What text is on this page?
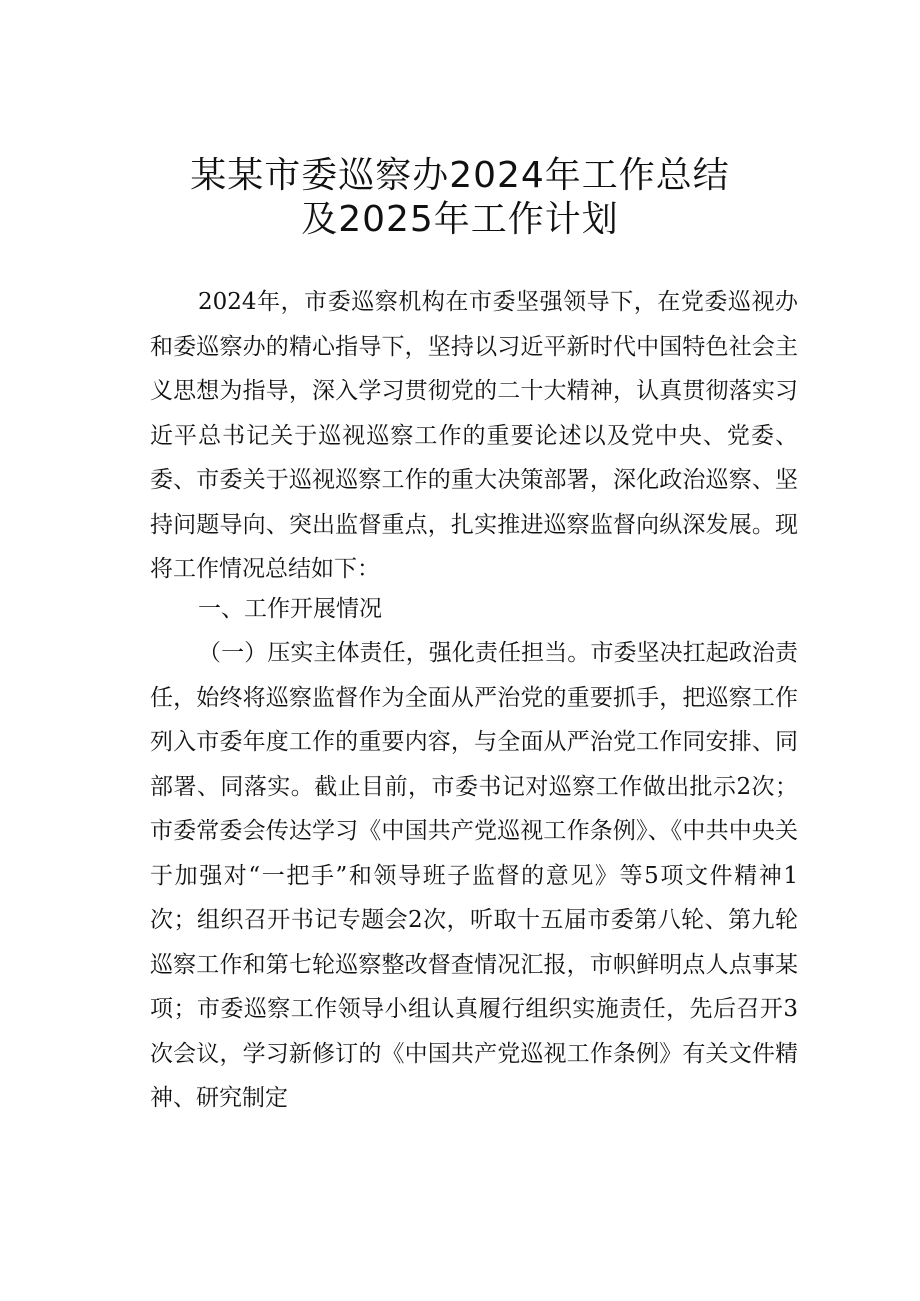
某某市委巡察办2024年工作总结
及2025年工作计划

2024年，市委巡察机构在市委坚强领导下，在党委巡视办和委巡察办的精心指导下，坚持以习近平新时代中国特色社会主义思想为指导，深入学习贯彻党的二十大精神，认真贯彻落实习近平总书记关于巡视巡察工作的重要论述以及党中央、党委、委、市委关于巡视巡察工作的重大决策部署，深化政治巡察、坚持问题导向、突出监督重点，扎实推进巡察监督向纵深发展。现将工作情况总结如下：

一、工作开展情况

（一）压实主体责任，强化责任担当。市委坚决扛起政治责任，始终将巡察监督作为全面从严治党的重要抓手，把巡察工作列入市委年度工作的重要内容，与全面从严治党工作同安排、同部署、同落实。截止目前，市委书记对巡察工作做出批示2次；市委常委会传达学习《中国共产党巡视工作条例》、《中共中央关于加强对“一把手”和领导班子监督的意见》等5项文件精神1次；组织召开书记专题会2次，听取十五届市委第八轮、第九轮巡察工作和第七轮巡察整改督查情况汇报，市帜鲜明点人点事某项；市委巡察工作领导小组认真履行组织实施责任，先后召开3次会议，学习新修订的《中国共产党巡视工作条例》有关文件精神、研究制定
